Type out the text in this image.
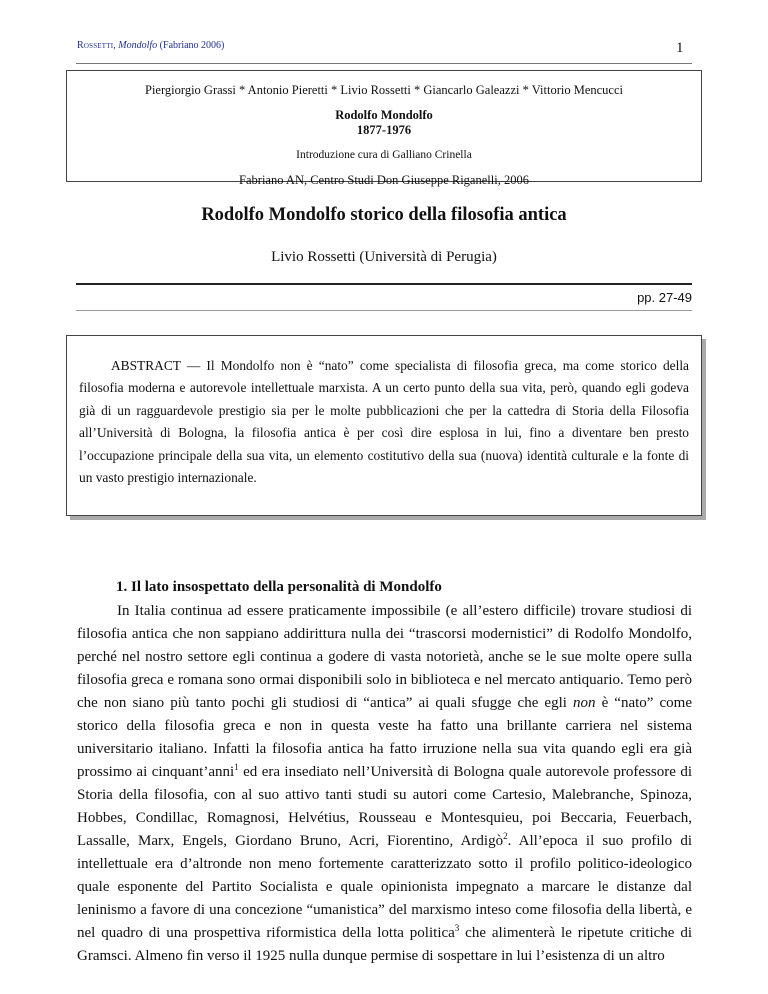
Rossetti, Mondolfo (Fabriano 2006)	1
Piergiorgio Grassi * Antonio Pieretti * Livio Rossetti * Giancarlo Galeazzi * Vittorio Mencucci
Rodolfo Mondolfo
1877-1976
Introduzione cura di Galliano Crinella
Fabriano AN, Centro Studi Don Giuseppe Riganelli, 2006
Rodolfo Mondolfo storico della filosofia antica
Livio Rossetti (Università di Perugia)
pp. 27-49

ABSTRACT — Il Mondolfo non è “nato” come specialista di filosofia greca, ma come storico della filosofia moderna e autorevole intellettuale marxista. A un certo punto della sua vita, però, quando egli godeva già di un ragguardevole prestigio sia per le molte pubblicazioni che per la cattedra di Storia della Filosofia all’Università di Bologna, la filosofia antica è per così dire esplosa in lui, fino a diventare ben presto l’occupazione principale della sua vita, un elemento costitutivo della sua (nuova) identità culturale e la fonte di un vasto prestigio internazionale.

1. Il lato insospettato della personalità di Mondolfo

In Italia continua ad essere praticamente impossibile (e all’estero difficile) trovare studiosi di filosofia antica che non sappiano addirittura nulla dei “trascorsi modernistici” di Rodolfo Mondolfo, perché nel nostro settore egli continua a godere di vasta notorietà, anche se le sue molte opere sulla filosofia greca e romana sono ormai disponibili solo in biblioteca e nel mercato antiquario. Temo però che non siano più tanto pochi gli studiosi di “antica” ai quali sfugge che egli non è “nato” come storico della filosofia greca e non in questa veste ha fatto una brillante carriera nel sistema universitario italiano. Infatti la filosofia antica ha fatto irruzione nella sua vita quando egli era già prossimo ai cinquant’anni$^1$ ed era insediato nell’Università di Bologna quale autorevole professore di Storia della filosofia, con al suo attivo tanti studi su autori come Cartesio, Malebranche, Spinoza, Hobbes, Condillac, Romagnosi, Helvétius, Rousseau e Montesquieu, poi Beccaria, Feuerbach, Lassalle, Marx, Engels, Giordano Bruno, Acri, Fiorentino, Ardigò$^2$. All’epoca il suo profilo di intellettuale era d’altronde non meno fortemente caratterizzato sotto il profilo politico-ideologico quale esponente del Partito Socialista e quale opinionista impegnato a marcare le distanze dal leninismo a favore di una concezione “umanistica” del marxismo inteso come filosofia della libertà, e nel quadro di una prospettiva riformistica della lotta politica$^3$ che alimenterà le ripetute critiche di Gramsci. Almeno fin verso il 1925 nulla dunque permise di sospettare in lui l’esistenza di un altro
